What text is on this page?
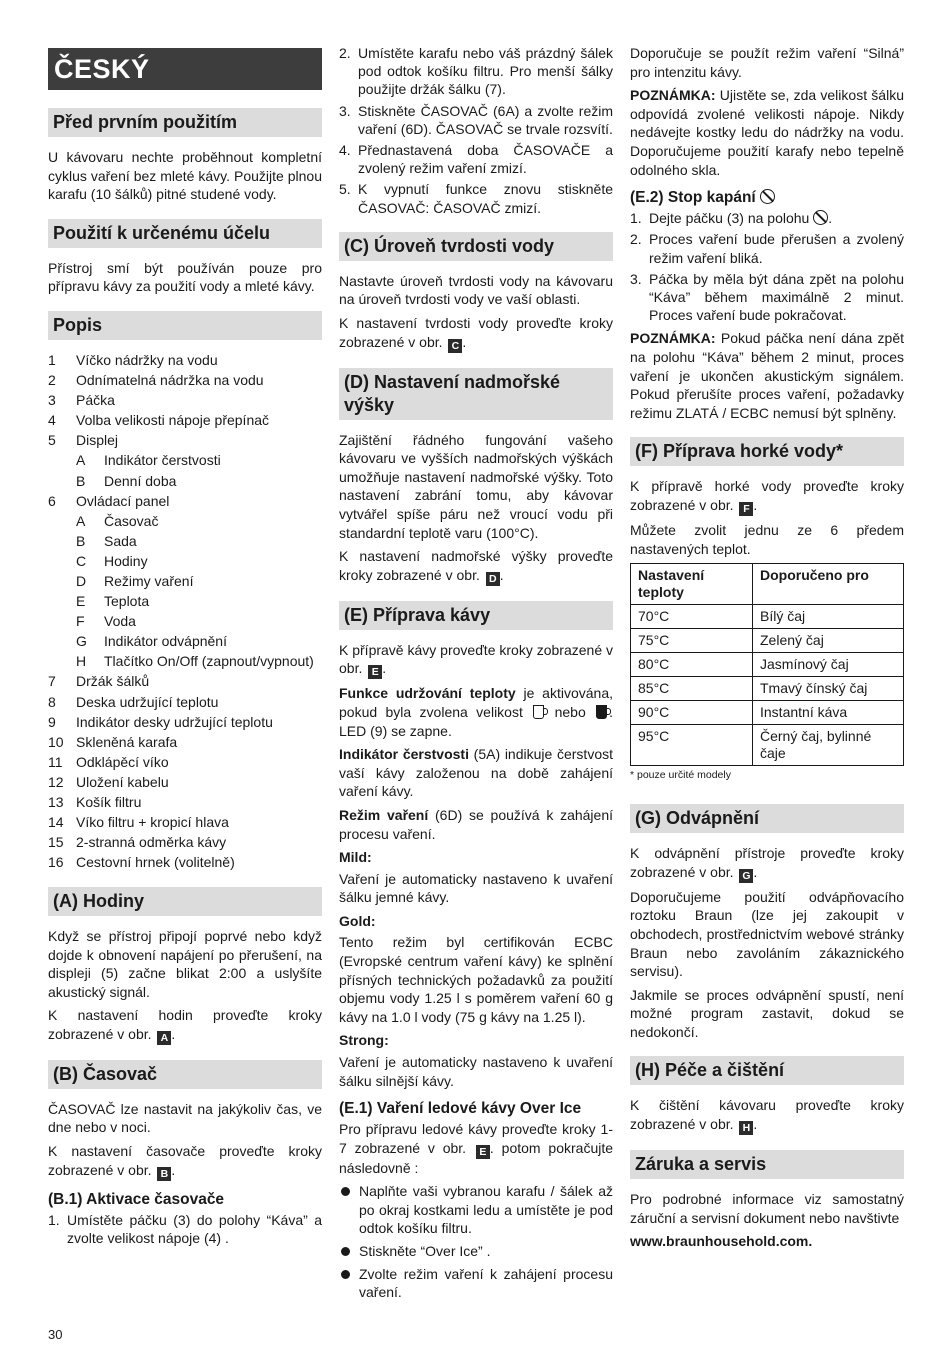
ČESKÝ
Před prvním použitím

U kávovaru nechte proběhnout kompletní cyklus vaření bez mleté kávy. Použijte plnou karafu (10 šálků) pitné studené vody.

Použití k určenému účelu

Přístroj smí být používán pouze pro přípravu kávy za použití vody a mleté kávy.

Popis
1 Víčko nádržky na vodu
2 Odnímatelná nádržka na vodu
3 Páčka
4 Volba velikosti nápoje přepínač
5 Displej
A Indikátor čerstvosti
B Denní doba
6 Ovládací panel
A Časovač
B Sada
C Hodiny
D Režimy vaření
E Teplota
F Voda
G Indikátor odvápnění
H Tlačítko On/Off (zapnout/vypnout)
7 Držák šálků
8 Deska udržující teplotu
9 Indikátor desky udržující teplotu
10 Skleněná karafa
11 Odklápěcí víko
12 Uložení kabelu
13 Košík filtru
14 Víko filtru + kropicí hlava
15 2-stranná odměrka kávy
16 Cestovní hrnek (volitelně)
(A) Hodiny

Když se přístroj připojí poprvé nebo když dojde k obnovení napájení po přerušení, na displeji (5) začne blikat 2:00 a uslyšíte akustický signál.

K nastavení hodin proveďte kroky zobrazené v obr. A .

(B) Časovač

ČASOVAČ lze nastavit na jakýkoliv čas, ve dne nebo v noci.

K nastavení časovače proveďte kroky zobrazené v obr. B .

(B.1) Aktivace časovače
1. Umístěte páčku (3) do polohy “Káva” a zvolte velikost nápoje (4) .
2. Umístěte karafu nebo váš prázdný šálek pod odtok košíku filtru. Pro menší šálky použijte držák šálku (7).
3. Stiskněte ČASOVAČ (6A) a zvolte režim vaření (6D). ČASOVAČ se trvale rozsvítí.
4. Přednastavená doba ČASOVAČE a zvolený režim vaření zmizí.
5. K vypnutí funkce znovu stiskněte ČASOVAČ: ČASOVAČ zmizí.
(C) Úroveň tvrdosti vody

Nastavte úroveň tvrdosti vody na kávovaru na úroveň tvrdosti vody ve vaší oblasti.

K nastavení tvrdosti vody proveďte kroky zobrazené v obr. C .

(D) Nastavení nadmořské výšky

Zajištění řádného fungování vašeho kávovaru ve vyšších nadmořských výškách umožňuje nastavení nadmořské výšky. Toto nastavení zabrání tomu, aby kávovar vytvářel spíše páru než vroucí vodu při standardní teplotě varu (100°C).

K nastavení nadmořské výšky proveďte kroky zobrazené v obr. D .

(E) Příprava kávy

K přípravě kávy proveďte kroky zobrazené v obr. E .

Funkce udržování teploty je aktivována, pokud byla zvolena velikost nebo . LED (9) se zapne.

Indikátor čerstvosti (5A) indikuje čerstvost vaší kávy založenou na době zahájení vaření kávy.

Režim vaření (6D) se používá k zahájení procesu vaření.

Mild:

Vaření je automaticky nastaveno k uvaření šálku jemné kávy.

Gold:

Tento režim byl certifikován ECBC (Evropské centrum vaření kávy) ke splnění přísných technických požadavků za použití objemu vody 1.25 l s poměrem vaření 60 g kávy na 1.0 l vody (75 g kávy na 1.25 l).

Strong:

Vaření je automaticky nastaveno k uvaření šálku silnější kávy.

(E.1) Vaření ledové kávy Over Ice

Pro přípravu ledové kávy proveďte kroky 1-7 zobrazené v obr. E . potom pokračujte následovně :

Naplňte vaši vybranou karafu / šálek až po okraj kostkami ledu a umístěte je pod odtok košíku filtru.
Stiskněte “Over Ice” .
Zvolte režim vaření k zahájení procesu vaření.

Doporučuje se použít režim vaření “Silná” pro intenzitu kávy.

POZNÁMKA: Ujistěte se, zda velikost šálku odpovídá zvolené velikosti nápoje. Nikdy nedávejte kostky ledu do nádržky na vodu. Doporučujeme použití karafy nebo tepelně odolného skla.

(E.2) Stop kapání
1. Dejte páčku (3) na polohu .
2. Proces vaření bude přerušen a zvolený režim vaření bliká.
3. Páčka by měla být dána zpět na polohu “Káva” během maximálně 2 minut. Proces vaření bude pokračovat.

POZNÁMKA: Pokud páčka není dána zpět na polohu “Káva” během 2 minut, proces vaření je ukončen akustickým signálem. Pokud přerušíte proces vaření, požadavky režimu ZLATÁ / ECBC nemusí být splněny.

(F) Příprava horké vody*

K přípravě horké vody proveďte kroky zobrazené v obr. F .

Můžete zvolit jednu ze 6 předem nastavených teplot.

Nastavení teploty	Doporučeno pro
70°C	Bílý čaj
75°C	Zelený čaj
80°C	Jasmínový čaj
85°C	Tmavý čínský čaj
90°C	Instantní káva
95°C	Černý čaj, bylinné čaje

* pouze určité modely

(G) Odvápnění

K odvápnění přístroje proveďte kroky zobrazené v obr. G .

Doporučujeme použití odvápňovacího roztoku Braun (lze jej zakoupit v obchodech, prostřednictvím webové stránky Braun nebo zavoláním zákaznického servisu).

Jakmile se proces odvápnění spustí, není možné program zastavit, dokud se nedokončí.

(H) Péče a čištění

K čištění kávovaru proveďte kroky zobrazené v obr. H .

Záruka a servis

Pro podrobné informace viz samostatný záruční a servisní dokument nebo navštivte

www.braunhousehold.com.
30
